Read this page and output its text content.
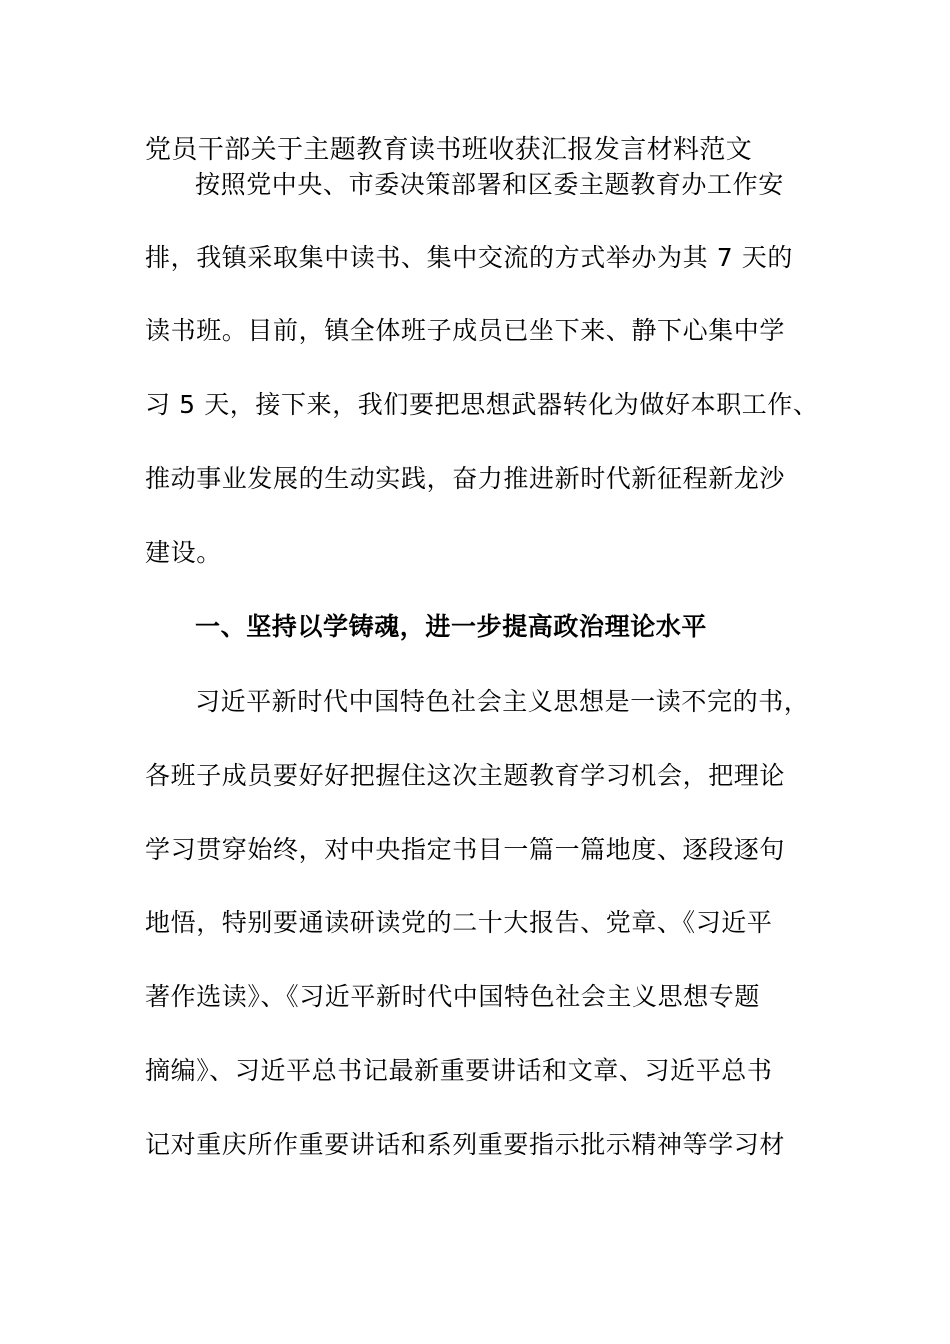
党员干部关于主题教育读书班收获汇报发言材料范文
按照党中央、市委决策部署和区委主题教育办工作安
排，我镇采取集中读书、集中交流的方式举办为其 7 天的
读书班。目前，镇全体班子成员已坐下来、静下心集中学
习 5 天，接下来，我们要把思想武器转化为做好本职工作、
推动事业发展的生动实践，奋力推进新时代新征程新龙沙
建设。
一、坚持以学铸魂，进一步提高政治理论水平
习近平新时代中国特色社会主义思想是一读不完的书，
各班子成员要好好把握住这次主题教育学习机会，把理论
学习贯穿始终，对中央指定书目一篇一篇地度、逐段逐句
地悟，特别要通读研读党的二十大报告、党章、《习近平
著作选读》、《习近平新时代中国特色社会主义思想专题
摘编》、习近平总书记最新重要讲话和文章、习近平总书
记对重庆所作重要讲话和系列重要指示批示精神等学习材
